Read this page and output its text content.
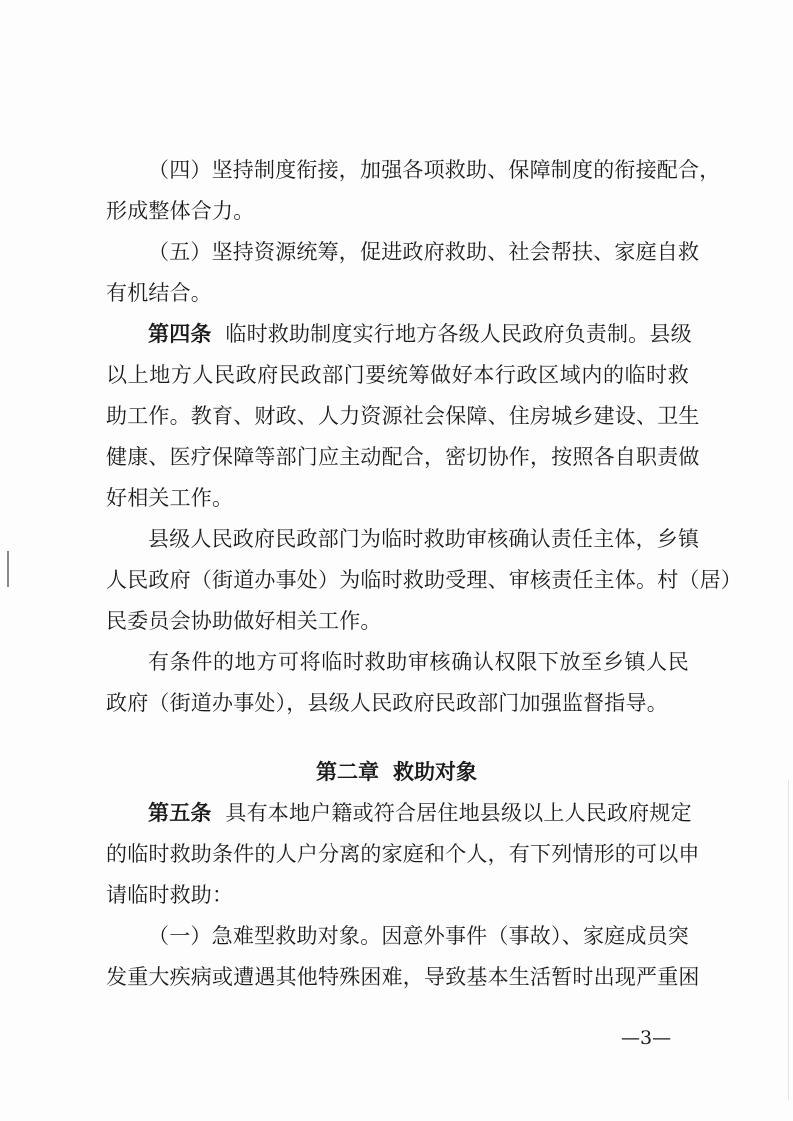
（四）坚持制度衔接，加强各项救助、保障制度的衔接配合，
形成整体合力。
（五）坚持资源统筹，促进政府救助、社会帮扶、家庭自救
有机结合。
第四条 临时救助制度实行地方各级人民政府负责制。县级
以上地方人民政府民政部门要统筹做好本行政区域内的临时救
助工作。教育、财政、人力资源社会保障、住房城乡建设、卫生
健康、医疗保障等部门应主动配合，密切协作，按照各自职责做
好相关工作。
县级人民政府民政部门为临时救助审核确认责任主体，乡镇
人民政府（街道办事处）为临时救助受理、审核责任主体。村（居）
民委员会协助做好相关工作。
有条件的地方可将临时救助审核确认权限下放至乡镇人民
政府（街道办事处），县级人民政府民政部门加强监督指导。
第二章 救助对象
第五条 具有本地户籍或符合居住地县级以上人民政府规定
的临时救助条件的人户分离的家庭和个人，有下列情形的可以申
请临时救助：
（一）急难型救助对象。因意外事件（事故）、家庭成员突
发重大疾病或遭遇其他特殊困难，导致基本生活暂时出现严重困
—3—
